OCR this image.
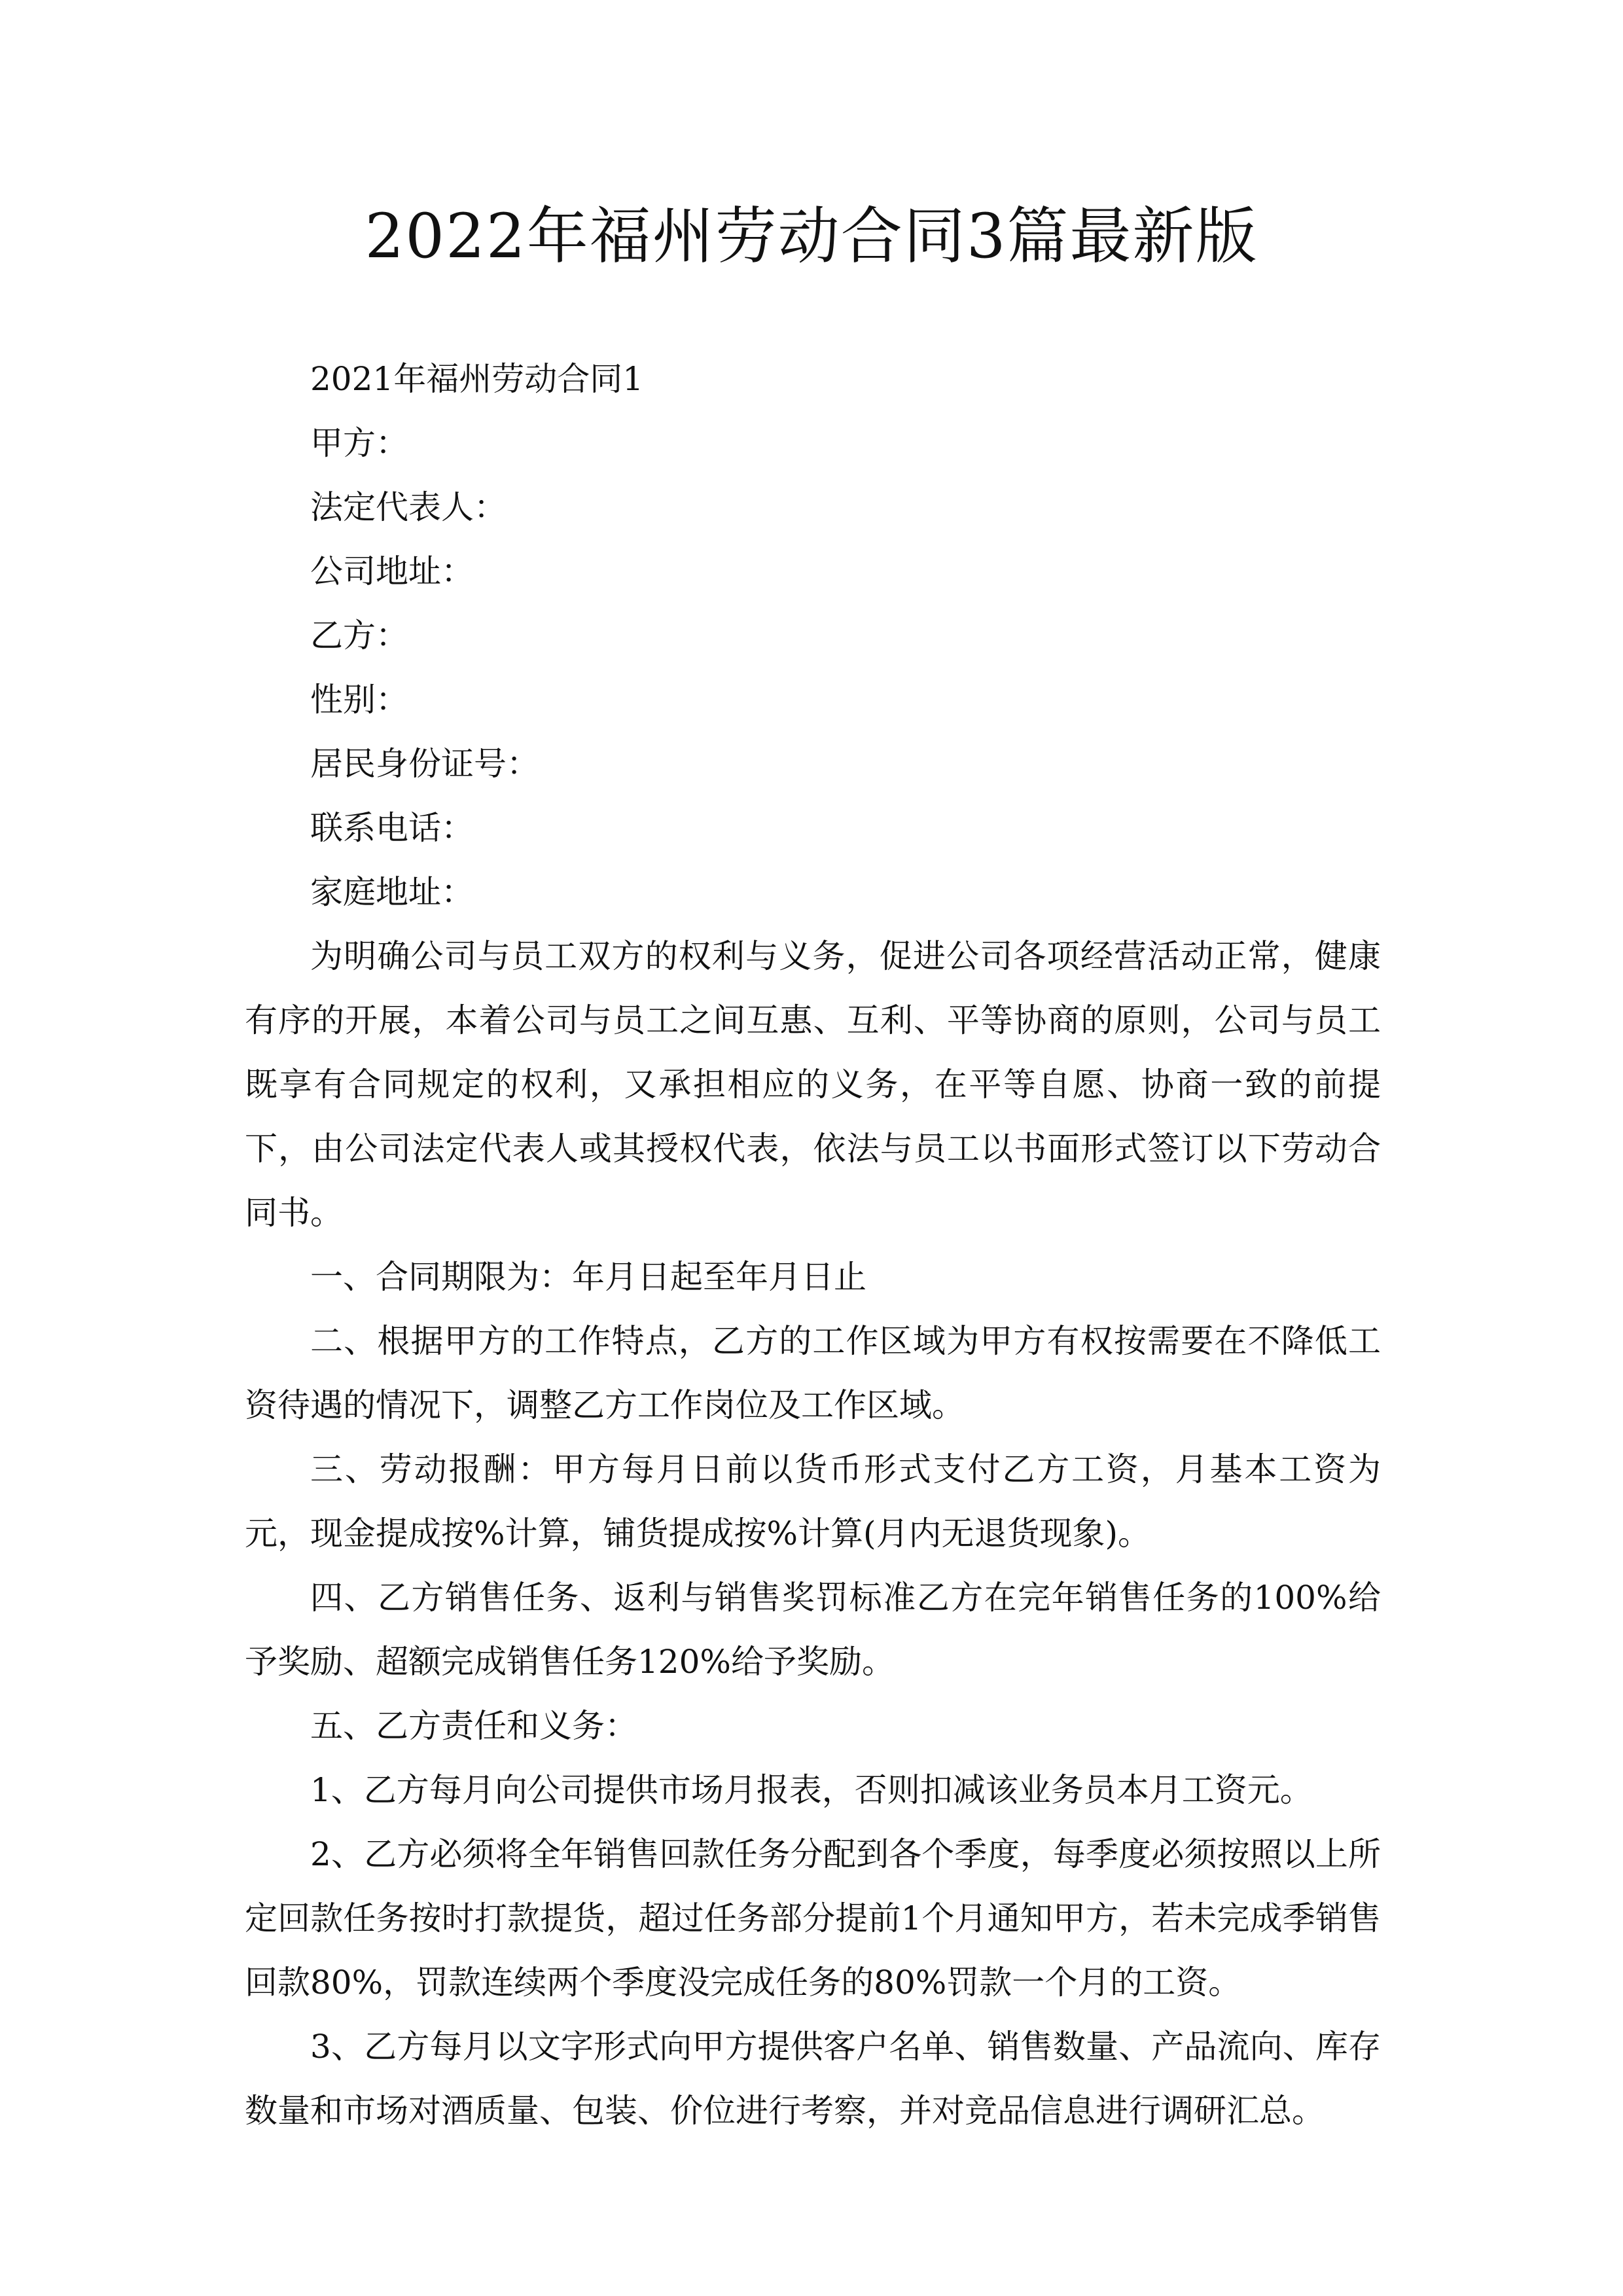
2022年福州劳动合同3篇最新版

2021年福州劳动合同1

甲方：

法定代表人：

公司地址：

乙方：

性别：

居民身份证号：

联系电话：

家庭地址：

为明确公司与员工双方的权利与义务，促进公司各项经营活动正常，健康有序的开展，本着公司与员工之间互惠、互利、平等协商的原则，公司与员工既享有合同规定的权利，又承担相应的义务，在平等自愿、协商一致的前提下，由公司法定代表人或其授权代表，依法与员工以书面形式签订以下劳动合同书。

一、合同期限为：年月日起至年月日止

二、根据甲方的工作特点，乙方的工作区域为甲方有权按需要在不降低工资待遇的情况下，调整乙方工作岗位及工作区域。

三、劳动报酬：甲方每月日前以货币形式支付乙方工资，月基本工资为元，现金提成按%计算，铺货提成按%计算(月内无退货现象)。

四、乙方销售任务、返利与销售奖罚标准乙方在完年销售任务的100%给予奖励、超额完成销售任务120%给予奖励。

五、乙方责任和义务：

1、乙方每月向公司提供市场月报表，否则扣减该业务员本月工资元。

2、乙方必须将全年销售回款任务分配到各个季度，每季度必须按照以上所定回款任务按时打款提货，超过任务部分提前1个月通知甲方，若未完成季销售回款80%，罚款连续两个季度没完成任务的80%罚款一个月的工资。

3、乙方每月以文字形式向甲方提供客户名单、销售数量、产品流向、库存数量和市场对酒质量、包装、价位进行考察，并对竞品信息进行调研汇总。
